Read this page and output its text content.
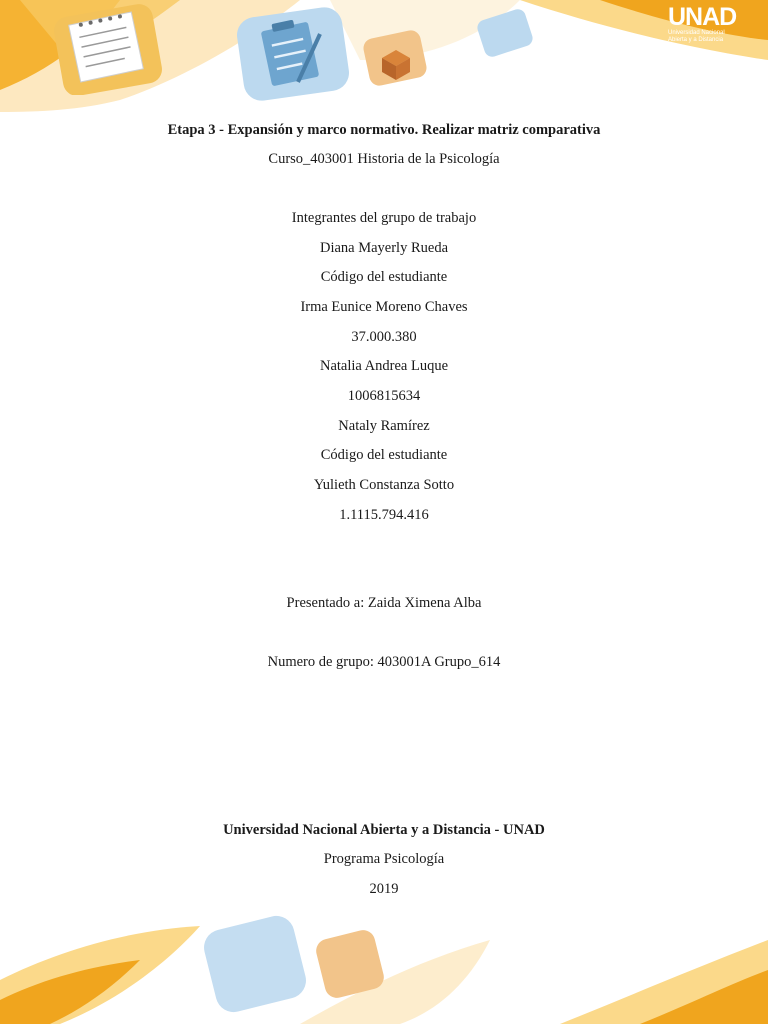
UNAD
Universidad Nacional
Abierta y a Distancia
Etapa 3 - Expansión y marco normativo. Realizar matriz comparativa
Curso_403001 Historia de la Psicología
Integrantes del grupo de trabajo
Diana Mayerly Rueda
Código del estudiante
Irma Eunice Moreno Chaves
37.000.380
Natalia Andrea Luque
1006815634
Nataly Ramírez
Código del estudiante
Yulieth Constanza Sotto
1.1115.794.416
Presentado a: Zaida Ximena Alba
Numero de grupo: 403001A Grupo_614
Universidad Nacional Abierta y a Distancia - UNAD
Programa Psicología
2019
